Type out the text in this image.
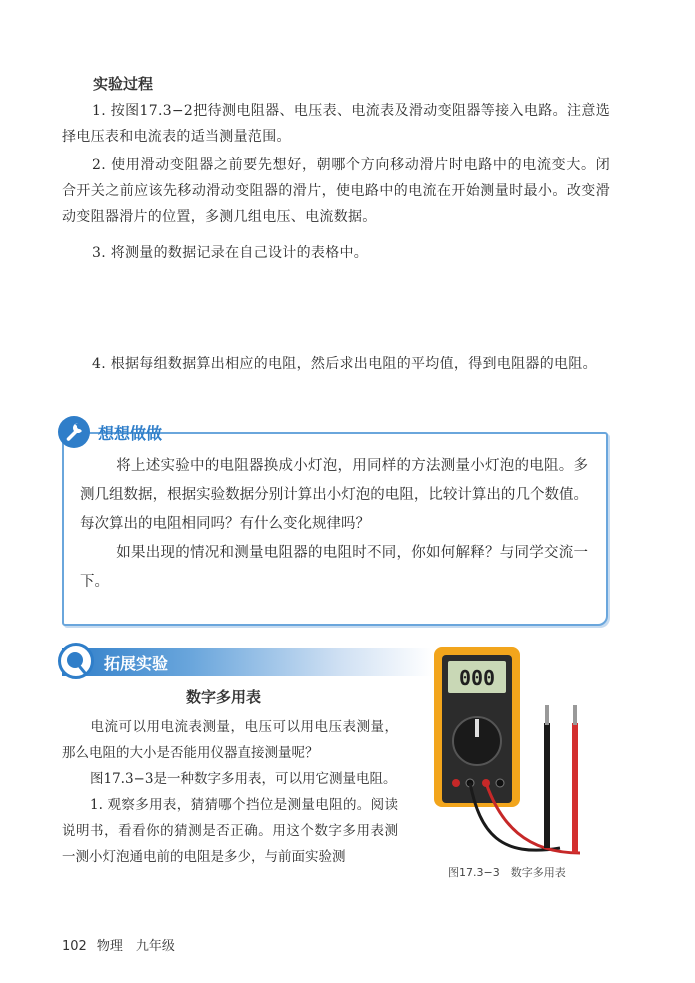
实验过程
1. 按图17.3−2把待测电阻器、电压表、电流表及滑动变阻器等接入电路。注意选择电压表和电流表的适当测量范围。
2. 使用滑动变阻器之前要先想好，朝哪个方向移动滑片时电路中的电流变大。闭合开关之前应该先移动滑动变阻器的滑片，使电路中的电流在开始测量时最小。改变滑动变阻器滑片的位置，多测几组电压、电流数据。
3. 将测量的数据记录在自己设计的表格中。
4. 根据每组数据算出相应的电阻，然后求出电阻的平均值，得到电阻器的电阻。
想想做做
将上述实验中的电阻器换成小灯泡，用同样的方法测量小灯泡的电阻。多测几组数据，根据实验数据分别计算出小灯泡的电阻，比较计算出的几个数值。每次算出的电阻相同吗？有什么变化规律吗？
如果出现的情况和测量电阻器的电阻时不同，你如何解释？与同学交流一下。
拓展实验
数字多用表
电流可以用电流表测量，电压可以用电压表测量，那么电阻的大小是否能用仪器直接测量呢？
图17.3−3是一种数字多用表，可以用它测量电阻。
1. 观察多用表，猜猜哪个挡位是测量电阻的。阅读说明书，看看你的猜测是否正确。用这个数字多用表测一测小灯泡通电前的电阻是多少，与前面实验测
000
图17.3−3　数字多用表
102 物理　九年级
